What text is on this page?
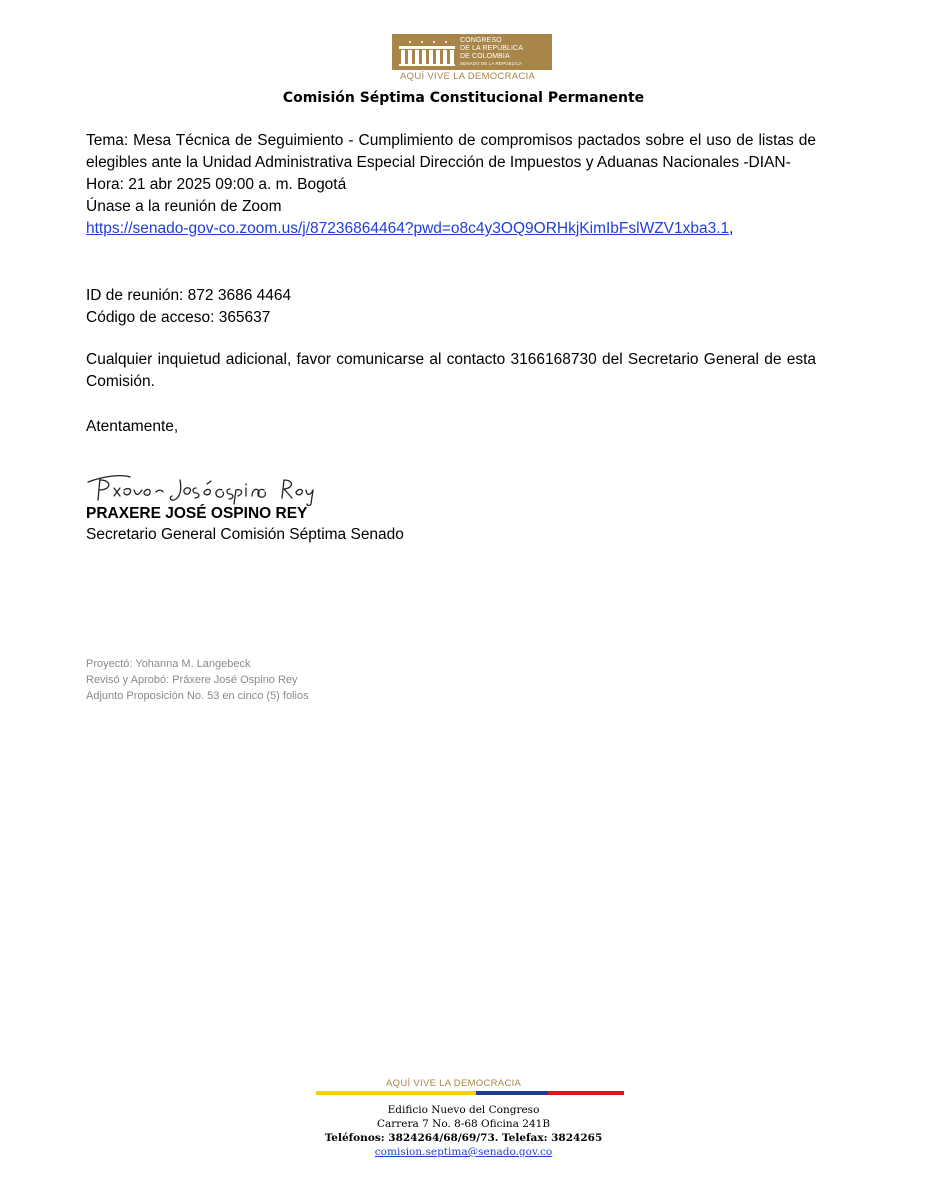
CONGRESO
DE LA REPÚBLICA
DE COLOMBIA
SENADO DE LA REPÚBLICA
AQUÍ VIVE LA DEMOCRACIA
Comisión Séptima Constitucional Permanente
Tema: Mesa Técnica de Seguimiento - Cumplimiento de compromisos pactados sobre el uso de listas de elegibles ante la Unidad Administrativa Especial Dirección de Impuestos y Aduanas Nacionales -DIAN-
Hora: 21 abr 2025 09:00 a. m. Bogotá
Únase a la reunión de Zoom
https://senado-gov-co.zoom.us/j/87236864464?pwd=o8c4y3OQ9ORHkjKimIbFslWZV1xba3.1,
ID de reunión: 872 3686 4464
Código de acceso: 365637
Cualquier inquietud adicional, favor comunicarse al contacto 3166168730 del Secretario General de esta Comisión.
Atentamente,
PRAXERE JOSÉ OSPINO REY
Secretario General Comisión Séptima Senado
Proyectó: Yohanna M. Langebeck
Revisó y Aprobó: Práxere José Ospino Rey
Adjunto Proposición No. 53 en cinco (5) folios
AQUÍ VIVE LA DEMOCRACIA
Edificio Nuevo del Congreso
Carrera 7 No. 8-68 Oficina 241B
Teléfonos: 3824264/68/69/73. Telefax: 3824265
comision.septima@senado.gov.co
